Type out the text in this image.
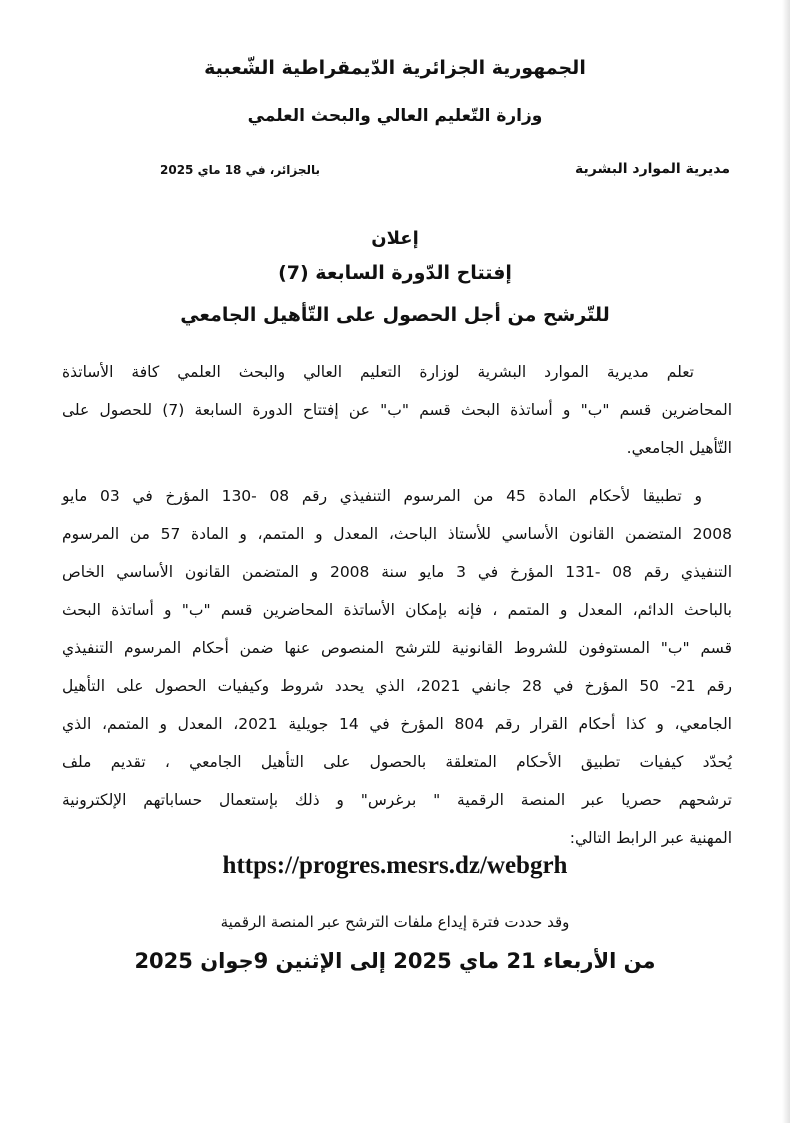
الجمهورية الجزائرية الدّيمقراطية الشّعبية
وزارة التّعليم العالي والبحث العلمي
مديرية الموارد البشرية
بالجزائر، في 18 ماي 2025
إعلان
إفتتاح الدّورة السابعة (7)
للتّرشح من أجل الحصول على التّأهيل الجامعي
تعلم مديرية الموارد البشرية لوزارة التعليم العالي والبحث العلمي كافة الأساتذة
المحاضرين قسم "ب" و أساتذة البحث قسم "ب" عن إفتتاح الدورة السابعة (7) للحصول على
التّأهيل الجامعي.
و تطبيقا لأحكام المادة 45 من المرسوم التنفيذي رقم 08 -130 المؤرخ في 03 مايو
2008 المتضمن القانون الأساسي للأستاذ الباحث، المعدل و المتمم، و المادة 57 من المرسوم
التنفيذي رقم 08 -131 المؤرخ في 3 مايو سنة 2008 و المتضمن القانون الأساسي الخاص
بالباحث الدائم، المعدل و المتمم ، فإنه بإمكان الأساتذة المحاضرين قسم "ب" و أساتذة البحث
قسم "ب" المستوفون للشروط القانونية للترشح المنصوص عنها ضمن أحكام المرسوم التنفيذي
رقم 21- 50 المؤرخ في 28 جانفي 2021، الذي يحدد شروط وكيفيات الحصول على التأهيل
الجامعي، و كذا أحكام القرار رقم 804 المؤرخ في 14 جويلية 2021، المعدل و المتمم، الذي
يُحدّد كيفيات تطبيق الأحكام المتعلقة بالحصول على التأهيل الجامعي ، تقديم ملف
ترشحهم حصريا عبر المنصة الرقمية " برغرس" و ذلك بإستعمال حساباتهم الإلكترونية
المهنية عبر الرابط التالي:
https://progres.mesrs.dz/webgrh
وقد حددت فترة إيداع ملفات الترشح عبر المنصة الرقمية
من الأربعاء 21 ماي 2025 إلى الإثنين 9جوان 2025
